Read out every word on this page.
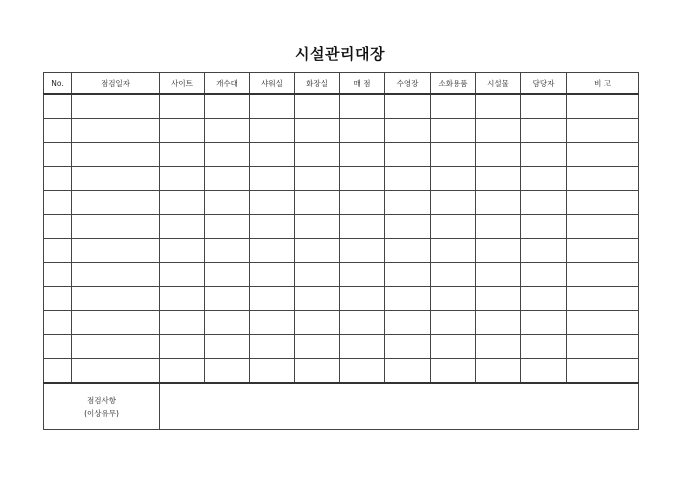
시설관리대장
No.	점검일자	사이트	개수대	샤워실	화장실	매 점	수영장	소화용품	시설물	담당자	비 고

점검사항
(이상유무)											
